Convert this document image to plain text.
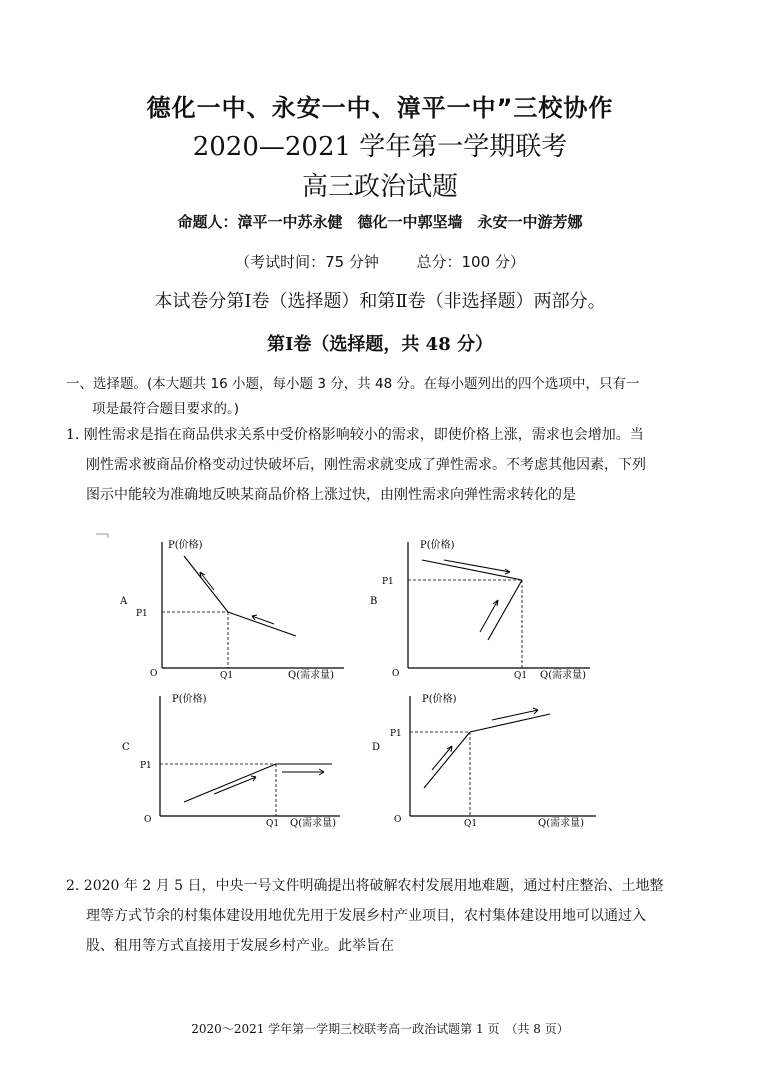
德化一中、永安一中、漳平一中”三校协作
2020—2021 学年第一学期联考
高三政治试题
命题人：漳平一中苏永健　德化一中郭坚墙　永安一中游芳娜
（考试时间：75 分钟	总分：100 分）
本试卷分第Ⅰ卷（选择题）和第Ⅱ卷（非选择题）两部分。
第Ⅰ卷（选择题，共 48 分）
一、选择题。(本大题共 16 小题，每小题 3 分，共 48 分。在每小题列出的四个选项中，只有一
项是最符合题目要求的。)
1. 刚性需求是指在商品供求关系中受价格影响较小的需求，即使价格上涨，需求也会增加。当
刚性需求被商品价格变动过快破坏后，刚性需求就变成了弹性需求。不考虑其他因素，下列
图示中能较为准确地反映某商品价格上涨过快，由刚性需求向弹性需求转化的是
P(价格)
Q(需求量)
O
P1
Q1
A
P(价格)
Q(需求量)
O
P1
Q1
B
P(价格)
Q(需求量)
O
P1
Q1
C
P(价格)
Q(需求量)
O
P1
Q1
D
2. 2020 年 2 月 5 日，中央一号文件明确提出将破解农村发展用地难题，通过村庄整治、土地整
理等方式节余的村集体建设用地优先用于发展乡村产业项目，农村集体建设用地可以通过入
股、租用等方式直接用于发展乡村产业。此举旨在
2020～2021 学年第一学期三校联考高一政治试题第 1 页　（共 8 页）
